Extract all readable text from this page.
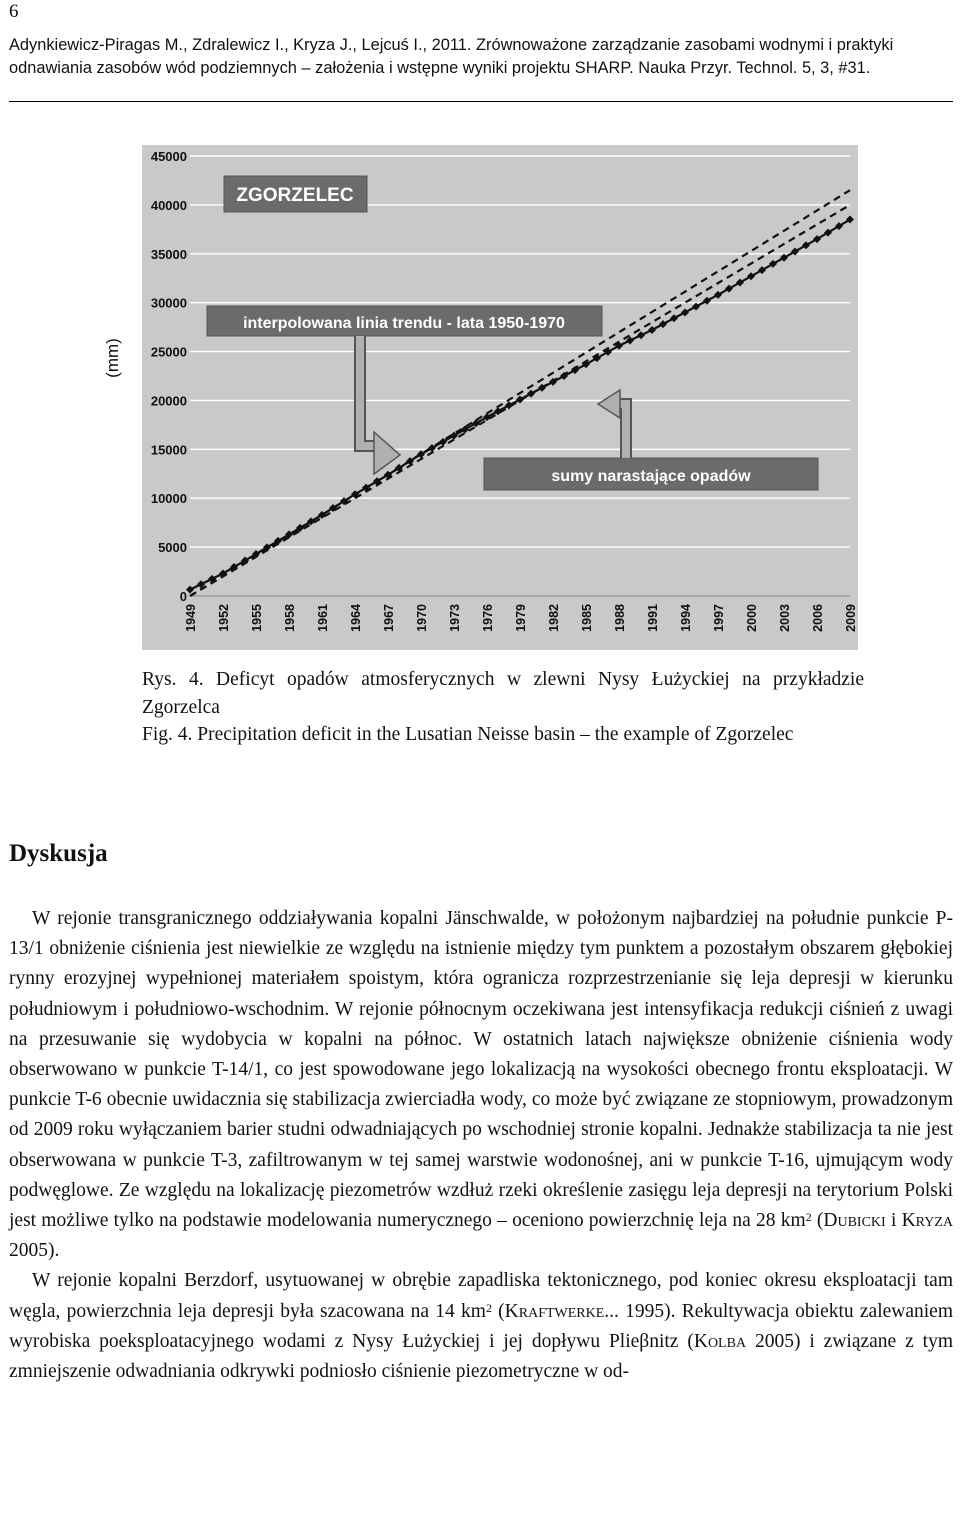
6
Adynkiewicz-Piragas M., Zdralewicz I., Kryza J., Lejcuś I., 2011. Zrównoważone zarządzanie zasobami wodnymi i praktyki odnawiania zasobów wód podziemnych – założenia i wstępne wyniki projektu SHARP. Nauka Przyr. Technol. 5, 3, #31.
0
5000
10000
15000
20000
25000
30000
35000
40000
45000
1949 1952 1955 1958 1961 1964 1967 1970 1973 1976 1979 1982 1985 1988 1991 1994 1997 2000 2003 2006 2009
(mm)
ZGORZELEC
interpolowana linia trendu - lata 1950-1970
sumy narastające opadów

Rys. 4. Deficyt opadów atmosferycznych w zlewni Nysy Łużyckiej na przykładzie Zgorzelca

Fig. 4. Precipitation deficit in the Lusatian Neisse basin – the example of Zgorzelec

Dyskusja

W rejonie transgranicznego oddziaływania kopalni Jänschwalde, w położonym najbardziej na południe punkcie P-13/1 obniżenie ciśnienia jest niewielkie ze względu na istnienie między tym punktem a pozostałym obszarem głębokiej rynny erozyjnej wypełnionej materiałem spoistym, która ogranicza rozprzestrzenianie się leja depresji w kierunku południowym i południowo-wschodnim. W rejonie północnym oczekiwana jest intensyfikacja redukcji ciśnień z uwagi na przesuwanie się wydobycia w kopalni na północ. W ostatnich latach największe obniżenie ciśnienia wody obserwowano w punkcie T-14/1, co jest spowodowane jego lokalizacją na wysokości obecnego frontu eksploatacji. W punkcie T-6 obecnie uwidacznia się stabilizacja zwierciadła wody, co może być związane ze stopniowym, prowadzonym od 2009 roku wyłączaniem barier studni odwadniających po wschodniej stronie kopalni. Jednakże stabilizacja ta nie jest obserwowana w punkcie T-3, zafiltrowanym w tej samej warstwie wodonośnej, ani w punkcie T-16, ujmującym wody podwęglowe. Ze względu na lokalizację piezometrów wzdłuż rzeki określenie zasięgu leja depresji na terytorium Polski jest możliwe tylko na podstawie modelowania numerycznego – oceniono powierzchnię leja na 28 $km^2$ (Dubicki i Kryza 2005).

W rejonie kopalni Berzdorf, usytuowanej w obrębie zapadliska tektonicznego, pod koniec okresu eksploatacji tam węgla, powierzchnia leja depresji była szacowana na 14 $km^2$ (Kraftwerke... 1995). Rekultywacja obiektu zalewaniem wyrobiska poeksploatacyjnego wodami z Nysy Łużyckiej i jej dopływu Plieβnitz (Kolba 2005) i związane z tym zmniejszenie odwadniania odkrywki podniosło ciśnienie piezometryczne w od-
